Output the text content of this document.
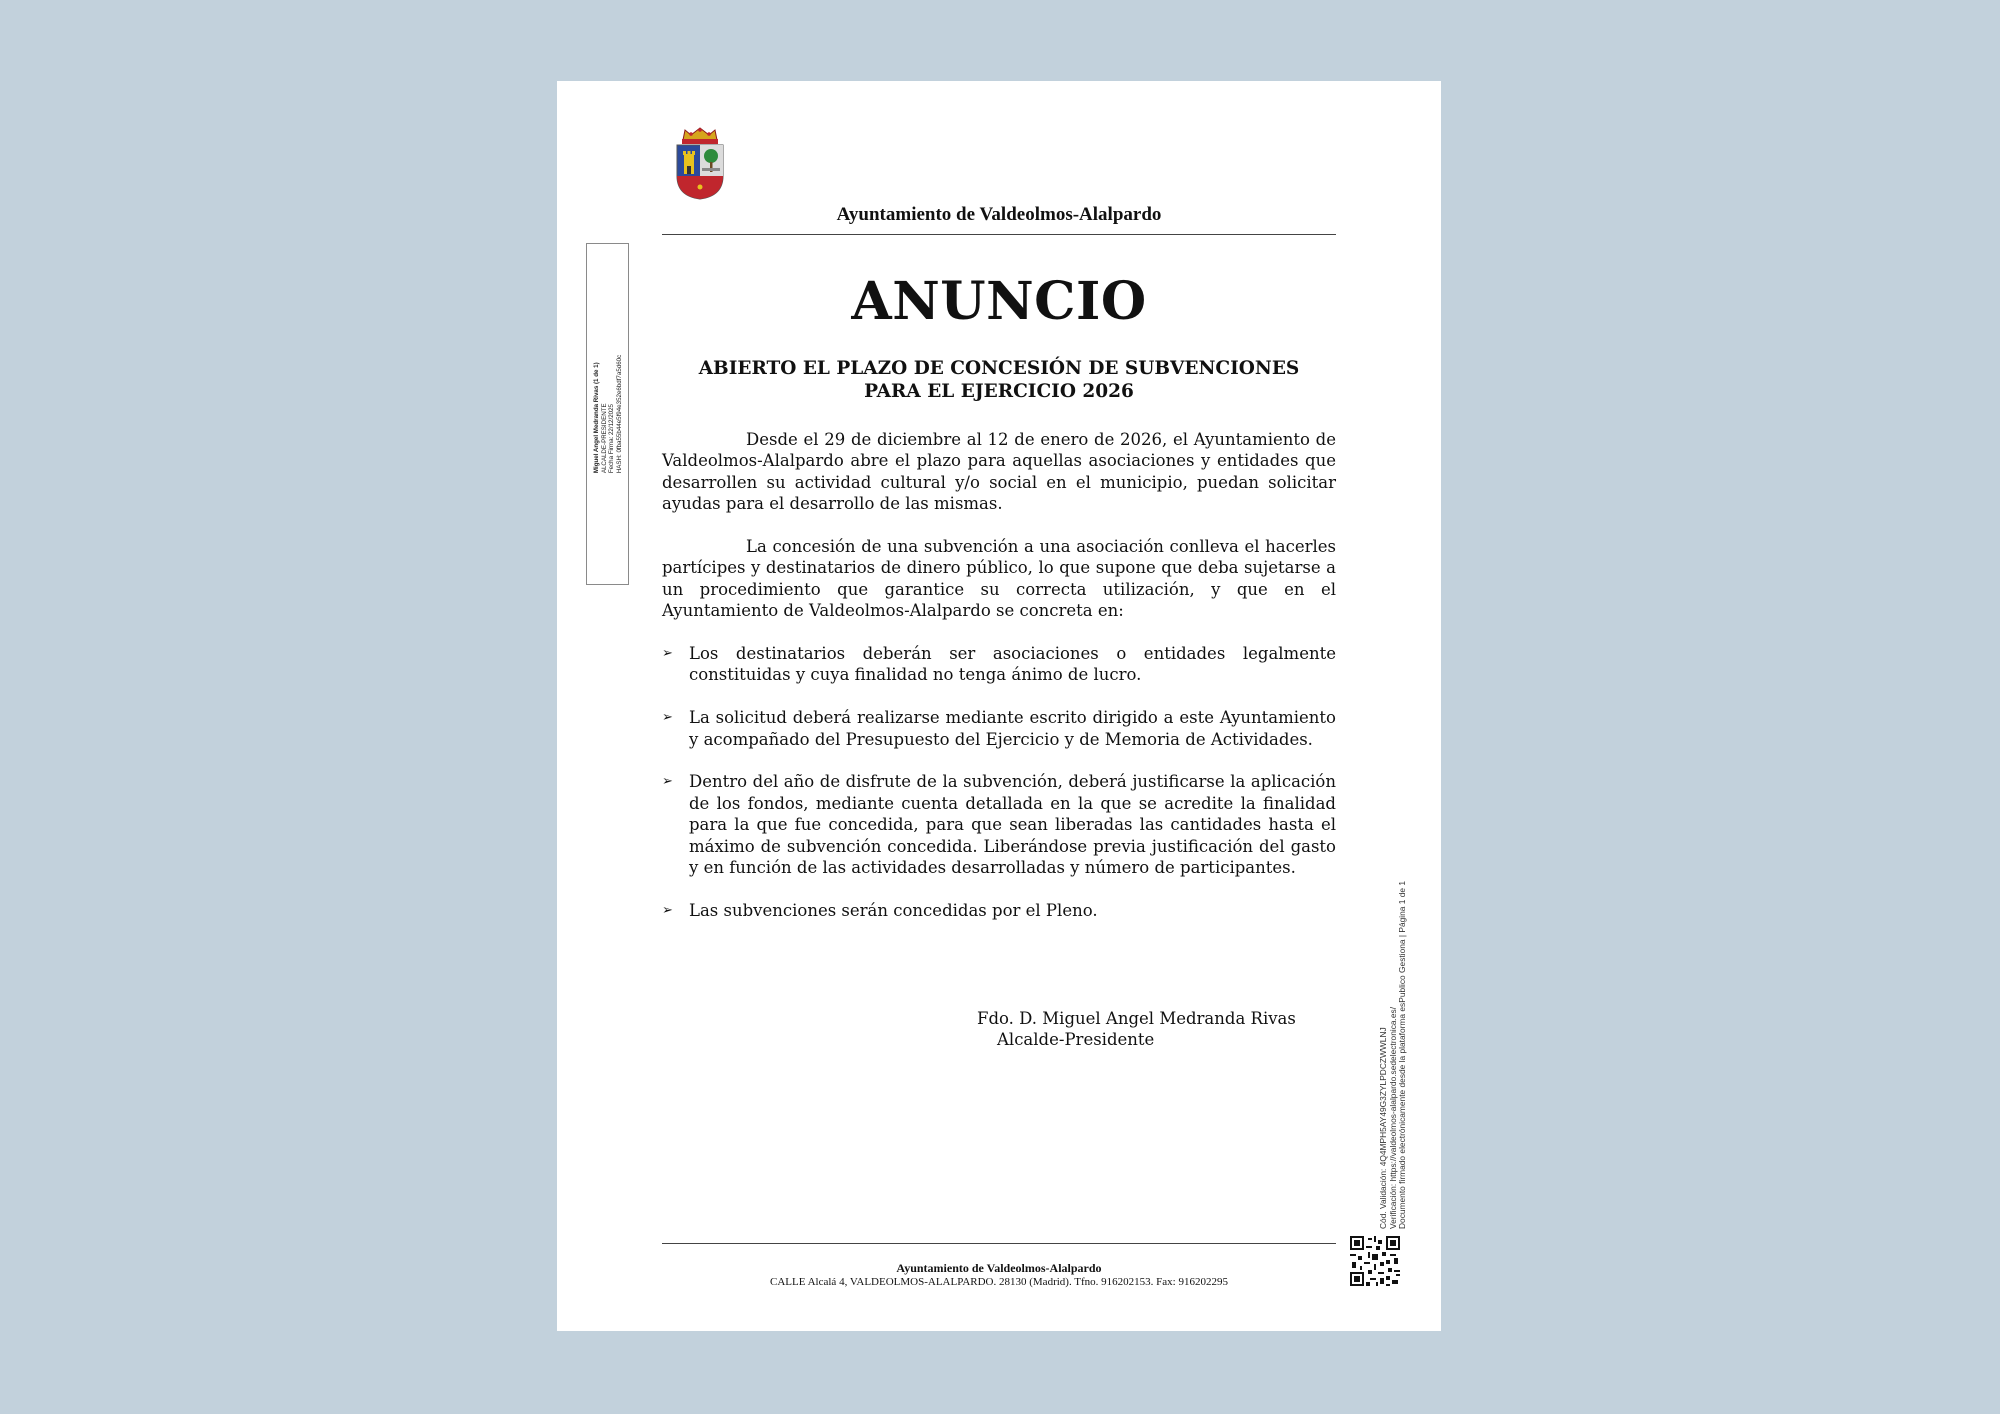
Ayuntamiento de Valdeolmos-Alalpardo
Miguel Angel Medranda Rivas (1 de 1) ALCALDE-PRESIDENTE Fecha Firma: 22/12/2025 HASH: 0fba55b44e5f94e352e6bdf7a5d60c
ANUNCIO
ABIERTO EL PLAZO DE CONCESIÓN DE SUBVENCIONES
PARA EL EJERCICIO 2026

Desde el 29 de diciembre al 12 de enero de 2026, el Ayuntamiento de Valdeolmos-Alalpardo abre el plazo para aquellas asociaciones y entidades que desarrollen su actividad cultural y/o social en el municipio, puedan solicitar ayudas para el desarrollo de las mismas.

La concesión de una subvención a una asociación conlleva el hacerles partícipes y destinatarios de dinero público, lo que supone que deba sujetarse a un procedimiento que garantice su correcta utilización, y que en el Ayuntamiento de Valdeolmos-Alalpardo se concreta en:

➢ Los destinatarios deberán ser asociaciones o entidades legalmente constituidas y cuya finalidad no tenga ánimo de lucro.
➢ La solicitud deberá realizarse mediante escrito dirigido a este Ayuntamiento y acompañado del Presupuesto del Ejercicio y de Memoria de Actividades.
➢ Dentro del año de disfrute de la subvención, deberá justificarse la aplicación de los fondos, mediante cuenta detallada en la que se acredite la finalidad para la que fue concedida, para que sean liberadas las cantidades hasta el máximo de subvención concedida. Liberándose previa justificación del gasto y en función de las actividades desarrolladas y número de participantes.
➢ Las subvenciones serán concedidas por el Pleno.
Fdo. D. Miguel Angel Medranda Rivas
Alcalde-Presidente	Cód. Validación: 4Q4MPH5AY49G3ZYLPDCZWWLNJ Verificación: https://valdeolmos-alalpardo.sedelectronica.es/ Documento firmado electrónicamente desde la plataforma esPublico Gestiona | Página 1 de 1
Ayuntamiento de Valdeolmos-Alalpardo
CALLE Alcalá 4, VALDEOLMOS-ALALPARDO. 28130 (Madrid). Tfno. 916202153. Fax: 916202295
